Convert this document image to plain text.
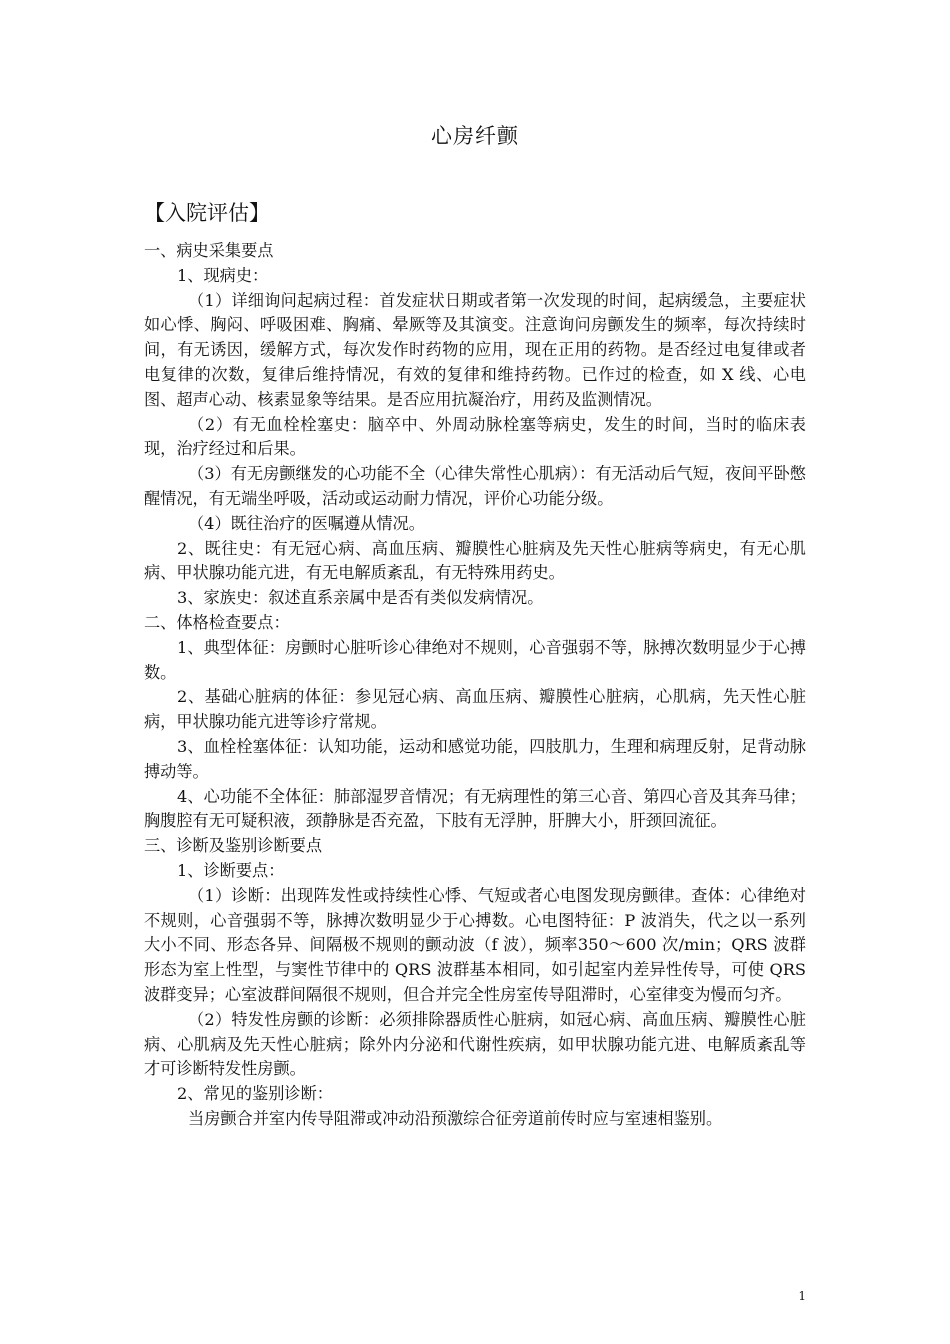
心房纤颤
【入院评估】

一、病史采集要点

1、现病史：

（1）详细询问起病过程：首发症状日期或者第一次发现的时间，起病缓急，主要症状如心悸、胸闷、呼吸困难、胸痛、晕厥等及其演变。注意询问房颤发生的频率，每次持续时间，有无诱因，缓解方式，每次发作时药物的应用，现在正用的药物。是否经过电复律或者电复律的次数，复律后维持情况，有效的复律和维持药物。已作过的检查，如 X 线、心电图、超声心动、核素显象等结果。是否应用抗凝治疗，用药及监测情况。

（2）有无血栓栓塞史：脑卒中、外周动脉栓塞等病史，发生的时间，当时的临床表现，治疗经过和后果。

（3）有无房颤继发的心功能不全（心律失常性心肌病）：有无活动后气短，夜间平卧憋醒情况，有无端坐呼吸，活动或运动耐力情况，评价心功能分级。

（4）既往治疗的医嘱遵从情况。

2、既往史：有无冠心病、高血压病、瓣膜性心脏病及先天性心脏病等病史，有无心肌病、甲状腺功能亢进，有无电解质紊乱，有无特殊用药史。

3、家族史：叙述直系亲属中是否有类似发病情况。

二、体格检查要点：

1、典型体征：房颤时心脏听诊心律绝对不规则，心音强弱不等，脉搏次数明显少于心搏数。

2、基础心脏病的体征：参见冠心病、高血压病、瓣膜性心脏病，心肌病，先天性心脏病，甲状腺功能亢进等诊疗常规。

3、血栓栓塞体征：认知功能，运动和感觉功能，四肢肌力，生理和病理反射，足背动脉搏动等。

4、心功能不全体征：肺部湿罗音情况；有无病理性的第三心音、第四心音及其奔马律；胸腹腔有无可疑积液，颈静脉是否充盈，下肢有无浮肿，肝脾大小，肝颈回流征。

三、诊断及鉴别诊断要点

1、诊断要点：

（1）诊断：出现阵发性或持续性心悸、气短或者心电图发现房颤律。查体：心律绝对不规则，心音强弱不等，脉搏次数明显少于心搏数。心电图特征：P 波消失，代之以一系列大小不同、形态各异、间隔极不规则的颤动波（f 波），频率350～600 次/min；QRS 波群形态为室上性型，与窦性节律中的 QRS 波群基本相同，如引起室内差异性传导，可使 QRS 波群变异；心室波群间隔很不规则，但合并完全性房室传导阻滞时，心室律变为慢而匀齐。

（2）特发性房颤的诊断：必须排除器质性心脏病，如冠心病、高血压病、瓣膜性心脏病、心肌病及先天性心脏病；除外内分泌和代谢性疾病，如甲状腺功能亢进、电解质紊乱等才可诊断特发性房颤。

2、常见的鉴别诊断：

当房颤合并室内传导阻滞或冲动沿预激综合征旁道前传时应与室速相鉴别。

1
